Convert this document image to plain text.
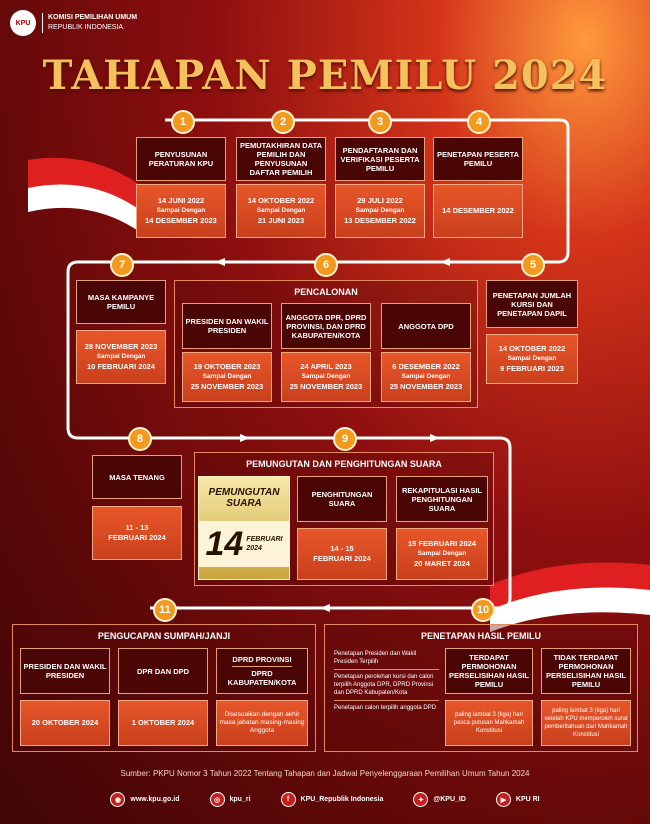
KPU
KOMISI PEMILIHAN UMUM
REPUBLIK INDONESIA
TAHAPAN PEMILU 2024
1
PENYUSUNAN PERATURAN KPU
14 JUNI 2022
Sampai Dengan
14 DESEMBER 2023
2
PEMUTAKHIRAN DATA PEMILIH DAN PENYUSUNAN DAFTAR PEMILIH
14 OKTOBER 2022
Sampai Dengan
21 JUNI 2023
3
PENDAFTARAN DAN VERIFIKASI PESERTA PEMILU
29 JULI 2022
Sampai Dengan
13 DESEMBER 2022
4
PENETAPAN PESERTA PEMILU
14 DESEMBER 2022
7
MASA KAMPANYE PEMILU
28 NOVEMBER 2023
Sampai Dengan
10 FEBRUARI 2024
6
PENCALONAN
PRESIDEN DAN WAKIL PRESIDEN
19 OKTOBER 2023
Sampai Dengan
25 NOVEMBER 2023
ANGGOTA DPR, DPRD PROVINSI, DAN DPRD KABUPATEN/KOTA
24 APRIL 2023
Sampai Dengan
25 NOVEMBER 2023
ANGGOTA DPD
6 DESEMBER 2022
Sampai Dengan
25 NOVEMBER 2023
5
PENETAPAN JUMLAH KURSI DAN PENETAPAN DAPIL
14 OKTOBER 2022
Sampai Dengan
9 FEBRUARI 2023
8
MASA TENANG
11 - 13
FEBRUARI 2024
9
PEMUNGUTAN DAN PENGHITUNGAN SUARA
PEMUNGUTAN SUARA
14 FEBRUARI
2024
PENGHITUNGAN SUARA
14 - 15
FEBRUARI 2024
REKAPITULASI HASIL PENGHITUNGAN SUARA
15 FEBRUARI 2024
Sampai Dengan
20 MARET 2024
11
PENGUCAPAN SUMPAH/JANJI
PRESIDEN DAN WAKIL PRESIDEN
20 OKTOBER 2024
DPR DAN DPD
1 OKTOBER 2024
DPRD PROVINSI
DPRD KABUPATEN/KOTA
Disesuaikan dengan akhir masa jabatan masing-masing Anggota
10
PENETAPAN HASIL PEMILU
Penetapan Presiden dan Wakil Presiden Terpilih
Penetapan perolehan kursi dan calon terpilih Anggota DPR, DPRD Provinsi dan DPRD Kabupaten/Kota
Penetapan calon terpilih anggota DPD
TERDAPAT PERMOHONAN PERSELISIHAN HASIL PEMILU
paling lambat 3 (tiga) hari pasca putusan Mahkamah Konstitusi
TIDAK TERDAPAT PERMOHONAN PERSELISIHAN HASIL PEMILU
paling lambat 3 (tiga) hari setelah KPU memperoleh surat pemberitahuan dari Mahkamah Konstitusi
Sumber: PKPU Nomor 3 Tahun 2022 Tentang Tahapan dan Jadwal Penyelenggaraan Pemilihan Umum Tahun 2024
◉	www.kpu.go.id	◎	kpu_ri	f	KPU_Republik Indonesia	✦	@KPU_ID	▶	KPU RI
